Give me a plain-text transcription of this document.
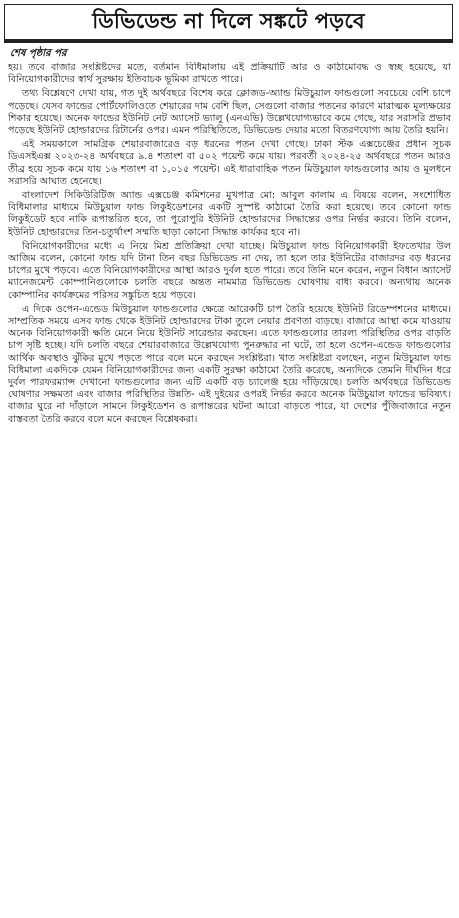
ডিভিডেন্ড না দিলে সঙ্কটে পড়বে
শেষ পৃষ্ঠার পর

হয়। তবে বাজার সংশ্লিষ্টদের মতে, বর্তমান বিধিমালায় এই প্রক্রিয়াটি আর ও কাঠামোবদ্ধ ও স্বচ্ছ হয়েছে, যা বিনিয়োগকারীদের স্বার্থ সুরক্ষায় ইতিবাচক ভূমিকা রাখতে পারে।

তথ্য বিশ্লেষণে দেখা যায়, গত দুই অর্থবছরে বিশেষ করে ক্লোজড-অ্যান্ড মিউচুয়াল ফান্ডগুলো সবচেয়ে বেশি চাপে পড়েছে। যেসব ফান্ডের পোর্টফোলিওতে শেয়ারের দাম বেশি ছিল, সেগুলো বাজার পতনের কারণে মারাত্মক মূল্যক্ষয়ের শিকার হয়েছে। অনেক ফান্ডের ইউনিট নেট অ্যাসেট ভ্যালু (এনএভি) উল্লেখযোগ্যভাবে কমে গেছে, যার সরাসরি প্রভাব পড়েছে ইউনিট হোল্ডারদের রিটার্নের ওপর। এমন পরিস্থিতিতে, ডিভিডেন্ড দেয়ার মতো বিতরণযোগ্য আয় তৈরি হয়নি।

এই সময়কালে সামগ্রিক শেয়ারবাজারেও বড় ধরনের পতন দেখা গেছে। ঢাকা স্টক এক্সচেঞ্জের প্রধান সূচক ডিএসইএক্স ২০২৩-২৪ অর্থবছরে ৯.৪ শতাংশ বা ৫০২ পয়েন্ট কমে যায়। পরবর্তী ২০২৪-২৫ অর্থবছরে পতন আরও তীব্র হয়ে সূচক কমে যায় ১৬ শতাংশ বা ১,০১৫ পয়েন্ট। এই ধারাবাহিক পতন মিউচুয়াল ফান্ডগুলোর আয় ও মূলধনে সরাসরি আঘাত হেনেছে।

বাংলাদেশ সিকিউরিটিজ অ্যান্ড এক্সচেঞ্জ কমিশনের মুখপাত্র মো: আবুল কালাম এ বিষয়ে বলেন, সংশোধিত বিধিমালার মাধ্যমে মিউচুয়াল ফান্ড লিকুইডেশনের একটি সুস্পষ্ট কাঠামো তৈরি করা হয়েছে। তবে কোনো ফান্ড লিকুইডেট হবে নাকি রূপান্তরিত হবে, তা পুরোপুরি ইউনিট হোল্ডারদের সিদ্ধান্তের ওপর নির্ভর করবে। তিনি বলেন, ইউনিট হোল্ডারদের তিন-চতুর্থাংশ সম্মতি ছাড়া কোনো সিদ্ধান্ত কার্যকর হবে না।

বিনিয়োগকারীদের মধ্যে এ নিয়ে মিশ্র প্রতিক্রিয়া দেখা যাচ্ছে। মিউচুয়াল ফান্ড বিনিয়োগকারী ইফতেখার উল আজিম বলেন, কোনো ফান্ড যদি টানা তিন বছর ডিভিডেন্ড না দেয়, তা হলে তার ইউনিটের বাজারদর বড় ধরনের চাপের মুখে পড়বে। এতে বিনিয়োগকারীদের আস্থা আরও দুর্বল হতে পারে। তবে তিনি মনে করেন, নতুন বিধান অ্যাসেট ম্যানেজমেন্ট কোম্পানিগুলোকে চলতি বছরে অন্তত নামমাত্র ডিভিডেন্ড ঘোষণায় বাধ্য করবে। অন্যথায় অনেক কোম্পানির কার্যক্রমের পরিসর সঙ্কুচিত হয়ে পড়বে।

এ দিকে ওপেন-এন্ডেড মিউচুয়াল ফান্ডগুলোর ক্ষেত্রে আরেকটি চাপ তৈরি হয়েছে ইউনিট রিডেম্পশনের মাধ্যমে। সাম্প্রতিক সময়ে এসব ফান্ড থেকে ইউনিট হোল্ডারদের টাকা তুলে নেয়ার প্রবণতা বাড়ছে। বাজারে আস্থা কমে যাওয়ায় অনেক বিনিয়োগকারী ক্ষতি মেনে নিয়ে ইউনিট সারেন্ডার করছেন। এতে ফান্ডগুলোর তারল্য পরিস্থিতির ওপর বাড়তি চাপ সৃষ্টি হচ্ছে। যদি চলতি বছরে শেয়ারবাজারে উল্লেখযোগ্য পুনরুদ্ধার না ঘটে, তা হলে ওপেন-এন্ডেড ফান্ডগুলোর আর্থিক অবস্থাও ঝুঁকির মুখে পড়তে পারে বলে মনে করছেন সংশ্লিষ্টরা। খাত সংশ্লিষ্টরা বলছেন, নতুন মিউচুয়াল ফান্ড বিধিমালা একদিকে যেমন বিনিয়োগকারীদের জন্য একটি সুরক্ষা কাঠামো তৈরি করেছে, অন্যদিকে তেমনি দীর্ঘদিন ধরে দুর্বল পারফরম্যান্স দেখানো ফান্ডগুলোর জন্য এটি একটি বড় চ্যালেঞ্জ হয়ে দাঁড়িয়েছে। চলতি অর্থবছরে ডিভিডেন্ড ঘোষণার সক্ষমতা এবং বাজার পরিস্থিতির উন্নতি- এই দুইয়ের ওপরই নির্ভর করবে অনেক মিউচুয়াল ফান্ডের ভবিষ্যৎ। বাজার ঘুরে না দাঁড়ালে সামনে লিকুইডেশন ও রূপান্তরের ঘটনা আরো বাড়তে পারে, যা দেশের পুঁজিবাজারে নতুন বাস্তবতা তৈরি করবে বলে মনে করছেন বিশ্লেষকরা।
